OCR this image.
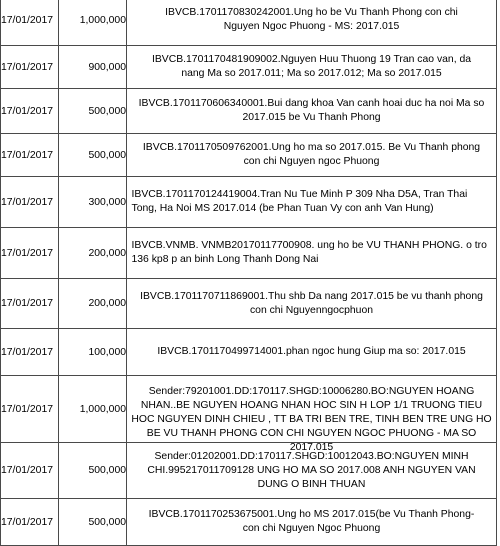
17/01/2017	1,000,000	IBVCB.1701170830242001.Ung ho be Vu Thanh Phong con chi Nguyen Ngoc Phuong - MS: 2017.015
17/01/2017	900,000	IBVCB.1701170481909002.Nguyen Huu Thuong 19 Tran cao van, da nang Ma so 2017.011; Ma so 2017.012; Ma so 2017.015
17/01/2017	500,000	IBVCB.1701170606340001.Bui dang khoa Van canh hoai duc ha noi Ma so 2017.015 be Vu Thanh Phong
17/01/2017	500,000	IBVCB.1701170509762001.Ung ho ma so 2017.015. Be Vu Thanh phong con chi Nguyen ngoc Phuong
17/01/2017	300,000	IBVCB.1701170124419004.Tran Nu Tue Minh P 309 Nha D5A, Tran Thai Tong, Ha Noi MS 2017.014 (be Phan Tuan Vy con anh Van Hung)
17/01/2017	200,000	IBVCB.VNMB. VNMB20170117700908. ung ho be VU THANH PHONG. o tro 136 kp8 p an binh Long Thanh Dong Nai
17/01/2017	200,000	IBVCB.1701170711869001.Thu shb Da nang 2017.015 be vu thanh phong con chi Nguyenngocphuon
17/01/2017	100,000	IBVCB.1701170499714001.phan ngoc hung Giup ma so: 2017.015
17/01/2017	1,000,000	Sender:79201001.DD:170117.SHGD:10006280.BO:NGUYEN HOANG NHAN..BE NGUYEN HOANG NHAN HOC SIN H LOP 1/1 TRUONG TIEU HOC NGUYEN DINH CHIEU , TT BA TRI BEN TRE, TINH BEN TRE UNG HO BE VU THANH PHONG CON CHI NGUYEN NGOC PHUONG - MA SO 2017.015

17/01/2017	500,000	Sender:01202001.DD:170117.SHGD:10012043.BO:NGUYEN MINH CHI.995217011709128 UNG HO MA SO 2017.008 ANH NGUYEN VAN DUNG O BINH THUAN
17/01/2017	500,000	IBVCB.1701170253675001.Ung ho MS 2017.015(be Vu Thanh Phong-con chi Nguyen Ngoc Phuong
